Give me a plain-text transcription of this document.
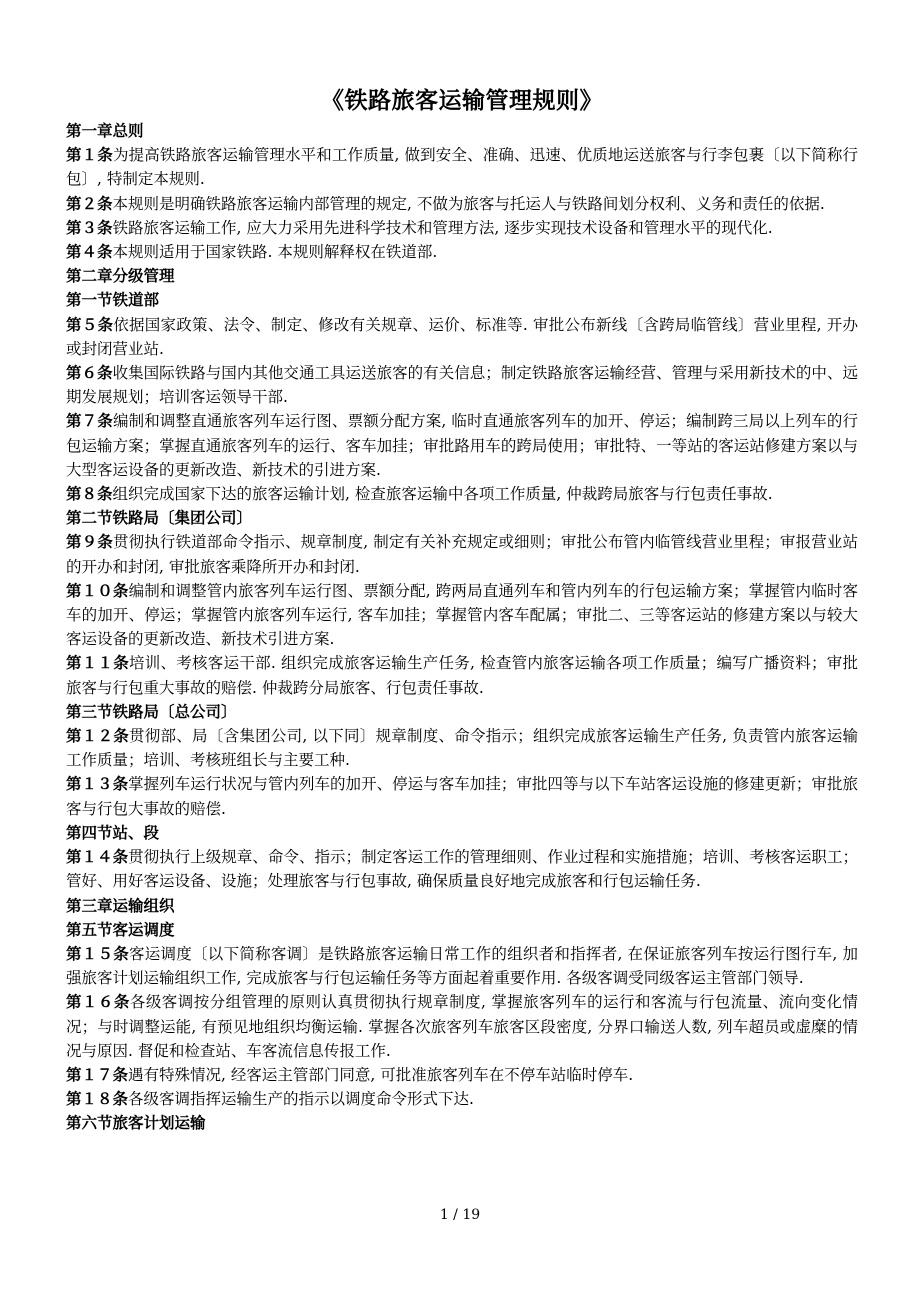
《铁路旅客运输管理规则》
第一章总则

第１条为提高铁路旅客运输管理水平和工作质量, 做到安全、准确、迅速、优质地运送旅客与行李包裹〔以下简称行包〕, 特制定本规则.

第２条本规则是明确铁路旅客运输内部管理的规定, 不做为旅客与托运人与铁路间划分权利、义务和责任的依据.

第３条铁路旅客运输工作, 应大力采用先进科学技术和管理方法, 逐步实现技术设备和管理水平的现代化.

第４条本规则适用于国家铁路. 本规则解释权在铁道部.

第二章分级管理
第一节铁道部

第５条依据国家政策、法令、制定、修改有关规章、运价、标准等. 审批公布新线〔含跨局临管线〕营业里程, 开办或封闭营业站.

第６条收集国际铁路与国内其他交通工具运送旅客的有关信息；制定铁路旅客运输经营、管理与采用新技术的中、远期发展规划；培训客运领导干部.

第７条编制和调整直通旅客列车运行图、票额分配方案, 临时直通旅客列车的加开、停运；编制跨三局以上列车的行包运输方案；掌握直通旅客列车的运行、客车加挂；审批路用车的跨局使用；审批特、一等站的客运站修建方案以与大型客运设备的更新改造、新技术的引进方案.

第８条组织完成国家下达的旅客运输计划, 检查旅客运输中各项工作质量, 仲裁跨局旅客与行包责任事故.

第二节铁路局〔集团公司〕

第９条贯彻执行铁道部命令指示、规章制度, 制定有关补充规定或细则；审批公布管内临管线营业里程；审报营业站的开办和封闭, 审批旅客乘降所开办和封闭.

第１０条编制和调整管内旅客列车运行图、票额分配, 跨两局直通列车和管内列车的行包运输方案；掌握管内临时客车的加开、停运；掌握管内旅客列车运行, 客车加挂；掌握管内客车配属；审批二、三等客运站的修建方案以与较大客运设备的更新改造、新技术引进方案.

第１１条培训、考核客运干部. 组织完成旅客运输生产任务, 检查管内旅客运输各项工作质量；编写广播资料；审批旅客与行包重大事故的赔偿. 仲裁跨分局旅客、行包责任事故.

第三节铁路局〔总公司〕

第１２条贯彻部、局〔含集团公司, 以下同〕规章制度、命令指示；组织完成旅客运输生产任务, 负责管内旅客运输工作质量；培训、考核班组长与主要工种.

第１３条掌握列车运行状况与管内列车的加开、停运与客车加挂；审批四等与以下车站客运设施的修建更新；审批旅客与行包大事故的赔偿.

第四节站、段

第１４条贯彻执行上级规章、命令、指示；制定客运工作的管理细则、作业过程和实施措施；培训、考核客运职工；管好、用好客运设备、设施；处理旅客与行包事故, 确保质量良好地完成旅客和行包运输任务.

第三章运输组织
第五节客运调度

第１５条客运调度〔以下简称客调〕是铁路旅客运输日常工作的组织者和指挥者, 在保证旅客列车按运行图行车, 加强旅客计划运输组织工作, 完成旅客与行包运输任务等方面起着重要作用. 各级客调受同级客运主管部门领导.

第１６条各级客调按分组管理的原则认真贯彻执行规章制度, 掌握旅客列车的运行和客流与行包流量、流向变化情况；与时调整运能, 有预见地组织均衡运输. 掌握各次旅客列车旅客区段密度, 分界口输送人数, 列车超员或虚糜的情况与原因. 督促和检查站、车客流信息传报工作.

第１７条遇有特殊情况, 经客运主管部门同意, 可批准旅客列车在不停车站临时停车.

第１８条各级客调指挥运输生产的指示以调度命令形式下达.

第六节旅客计划运输
1 / 19
